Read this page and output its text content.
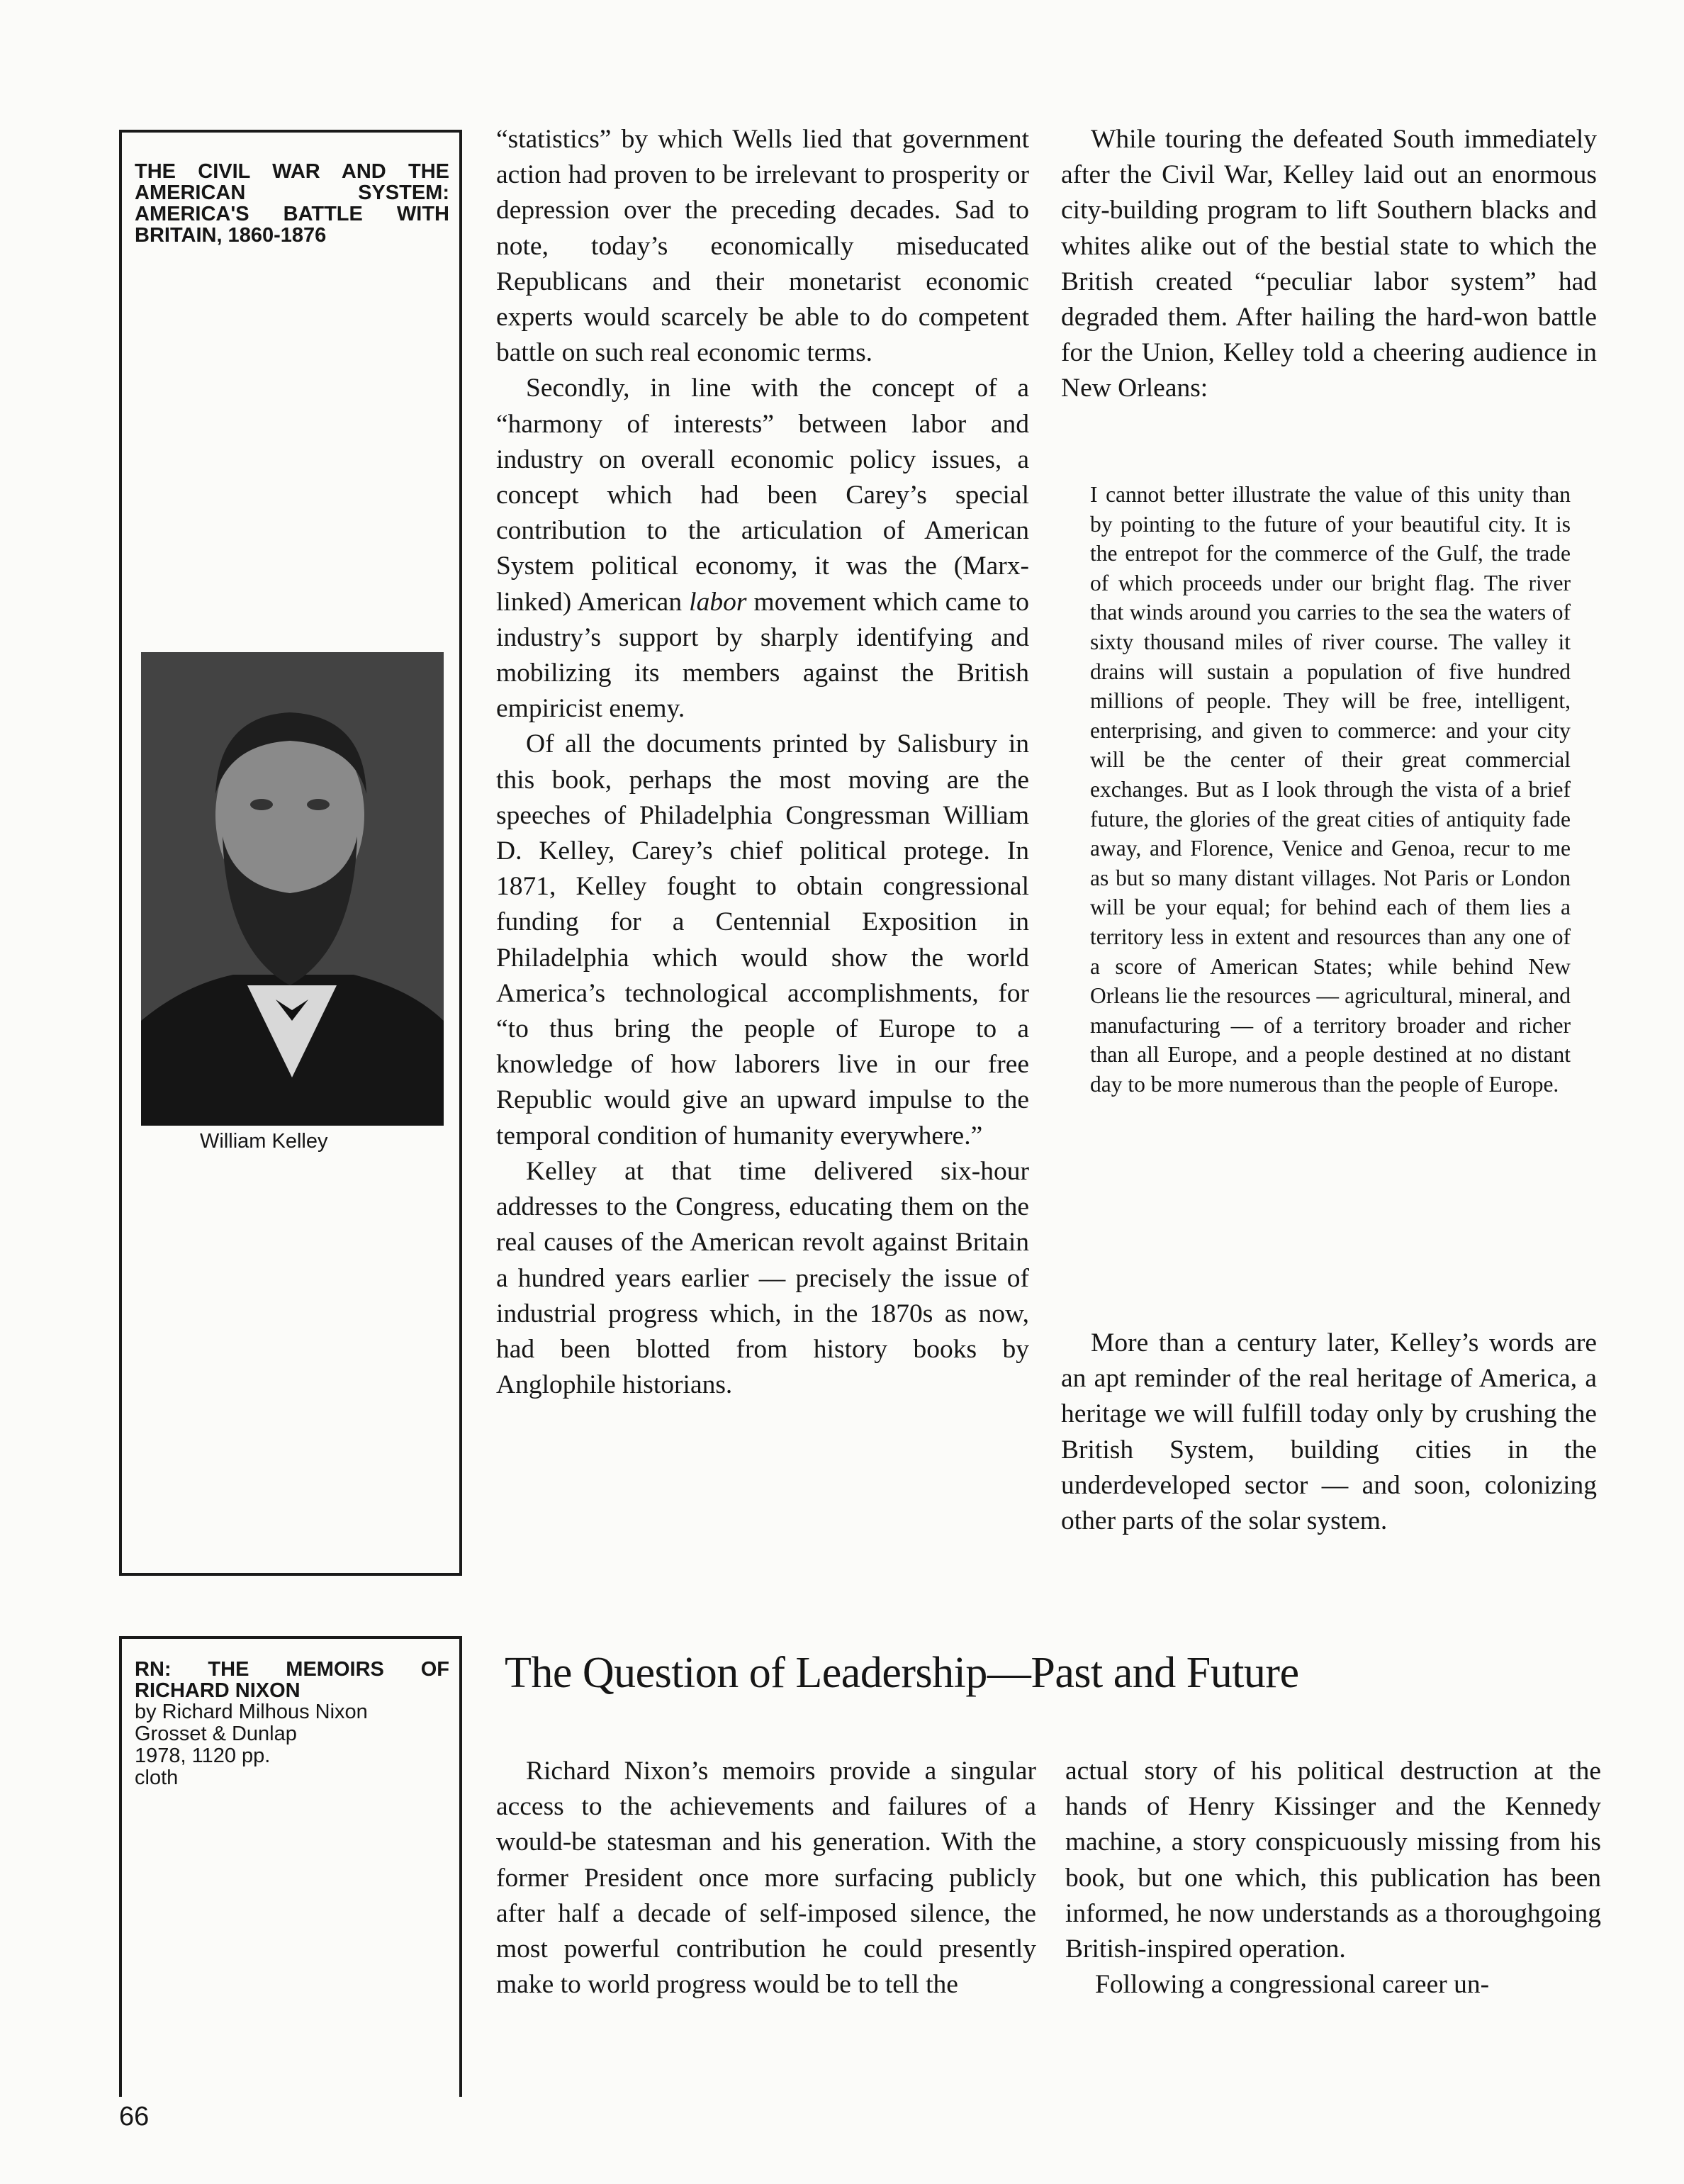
THE CIVIL WAR AND THE AMERICAN SYSTEM: AMERICA'S BATTLE WITH BRITAIN, 1860-1876
William Kelley
RN: THE MEMOIRS OF RICHARD NIXON
by Richard Milhous Nixon
Grosset & Dunlap
1978, 1120 pp.
cloth

“statistics” by which Wells lied that government action had proven to be irrelevant to prosperity or depression over the preceding decades. Sad to note, today’s economically miseducated Republicans and their monetarist economic experts would scarcely be able to do competent battle on such real economic terms.

Secondly, in line with the concept of a “harmony of interests” between labor and industry on overall economic policy issues, a concept which had been Carey’s special contribution to the articulation of American System political economy, it was the (Marx-linked) American labor movement which came to industry’s support by sharply identifying and mobilizing its members against the British empiricist enemy.

Of all the documents printed by Salisbury in this book, perhaps the most moving are the speeches of Philadelphia Congressman William D. Kelley, Carey’s chief political protege. In 1871, Kelley fought to obtain congressional funding for a Centennial Exposition in Philadelphia which would show the world America’s technological accomplishments, for “to thus bring the people of Europe to a knowledge of how laborers live in our free Republic would give an upward impulse to the temporal condition of humanity everywhere.”

Kelley at that time delivered six-hour addresses to the Congress, educating them on the real causes of the American revolt against Britain a hundred years earlier — precisely the issue of industrial progress which, in the 1870s as now, had been blotted from history books by Anglophile historians.

While touring the defeated South immediately after the Civil War, Kelley laid out an enormous city-building program to lift Southern blacks and whites alike out of the bestial state to which the British created “peculiar labor system” had degraded them. After hailing the hard-won battle for the Union, Kelley told a cheering audience in New Orleans:

I cannot better illustrate the value of this unity than by pointing to the future of your beautiful city. It is the entrepot for the commerce of the Gulf, the trade of which proceeds under our bright flag. The river that winds around you carries to the sea the waters of sixty thousand miles of river course. The valley it drains will sustain a population of five hundred millions of people. They will be free, intelligent, enterprising, and given to commerce: and your city will be the center of their great commercial exchanges. But as I look through the vista of a brief future, the glories of the great cities of antiquity fade away, and Florence, Venice and Genoa, recur to me as but so many distant villages. Not Paris or London will be your equal; for behind each of them lies a territory less in extent and resources than any one of a score of American States; while behind New Orleans lie the resources — agricultural, mineral, and manufacturing — of a territory broader and richer than all Europe, and a people destined at no distant day to be more numerous than the people of Europe.

More than a century later, Kelley’s words are an apt reminder of the real heritage of America, a heritage we will fulfill today only by crushing the British System, building cities in the underdeveloped sector — and soon, colonizing other parts of the solar system.

The Question of Leadership—Past and Future

Richard Nixon’s memoirs provide a singular access to the achievements and failures of a would-be statesman and his generation. With the former President once more surfacing publicly after half a decade of self-imposed silence, the most powerful contribution he could presently make to world progress would be to tell the

actual story of his political destruction at the hands of Henry Kissinger and the Kennedy machine, a story conspicuously missing from his book, but one which, this publication has been informed, he now understands as a thoroughgoing British-inspired operation.

Following a congressional career un-

66
